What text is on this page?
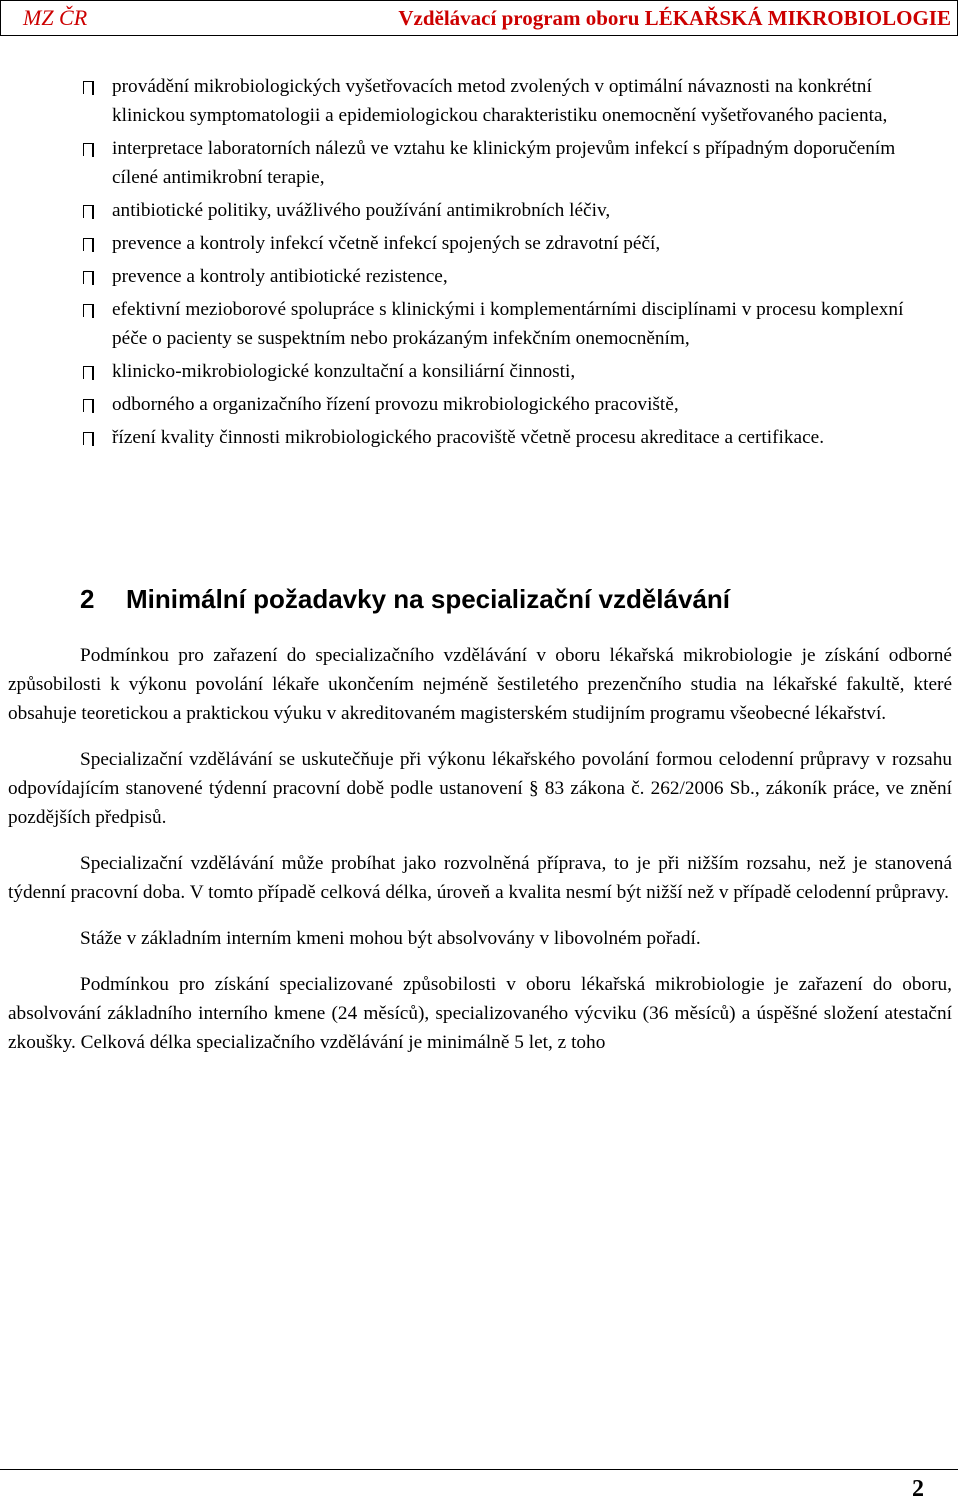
MZ ČR	Vzdělávací program oboru LÉKAŘSKÁ MIKROBIOLOGIE
provádění mikrobiologických vyšetřovacích metod zvolených v optimální návaznosti na konkrétní klinickou symptomatologii a epidemiologickou charakteristiku onemocnění vyšetřovaného pacienta,
interpretace laboratorních nálezů ve vztahu ke klinickým projevům infekcí s případným doporučením cílené antimikrobní terapie,
antibiotické politiky, uvážlivého používání antimikrobních léčiv,
prevence a kontroly infekcí včetně infekcí spojených se zdravotní péčí,
prevence a kontroly antibiotické rezistence,
efektivní mezioborové spolupráce s klinickými i komplementárními disciplínami v procesu komplexní péče o pacienty se suspektním nebo prokázaným infekčním onemocněním,
klinicko-mikrobiologické konzultační a konsiliární činnosti,
odborného a organizačního řízení provozu mikrobiologického pracoviště,
řízení kvality činnosti mikrobiologického pracoviště včetně procesu akreditace a certifikace.
2 Minimální požadavky na specializační vzdělávání

Podmínkou pro zařazení do specializačního vzdělávání v oboru lékařská mikrobiologie je získání odborné způsobilosti k výkonu povolání lékaře ukončením nejméně šestiletého prezenčního studia na lékařské fakultě, které obsahuje teoretickou a praktickou výuku v akreditovaném magisterském studijním programu všeobecné lékařství.

Specializační vzdělávání se uskutečňuje při výkonu lékařského povolání formou celodenní průpravy v rozsahu odpovídajícím stanovené týdenní pracovní době podle ustanovení § 83 zákona č. 262/2006 Sb., zákoník práce, ve znění pozdějších předpisů.

Specializační vzdělávání může probíhat jako rozvolněná příprava, to je při nižším rozsahu, než je stanovená týdenní pracovní doba. V tomto případě celková délka, úroveň a kvalita nesmí být nižší než v případě celodenní průpravy.

Stáže v základním interním kmeni mohou být absolvovány v libovolném pořadí.

Podmínkou pro získání specializované způsobilosti v oboru lékařská mikrobiologie je zařazení do oboru, absolvování základního interního kmene (24 měsíců), specializovaného výcviku (36 měsíců) a úspěšné složení atestační zkoušky. Celková délka specializačního vzdělávání je minimálně 5 let, z toho

2
